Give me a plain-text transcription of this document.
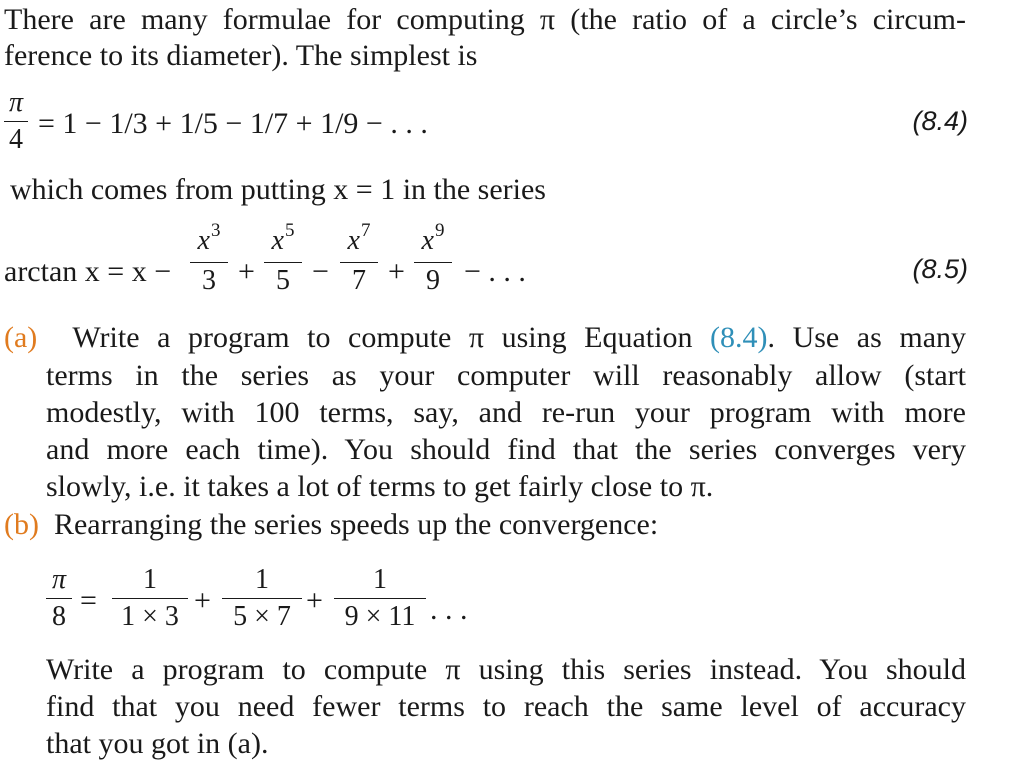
There are many formulae for computing π (the ratio of a circle’s circum-
ference to its diameter). The simplest is
π
4 = 1 − 1/3 + 1/5 − 1/7 + 1/9 − . . .	(8.4)
which comes from putting x = 1 in the series
arctan x = x −
$x^3$
3 +
$x^5$
5 −
$x^7$
7 +
$x^9$
9 − . . .	(8.5)
(a) Write a program to compute π using Equation (8.4). Use as many
terms in the series as your computer will reasonably allow (start
modestly, with 100 terms, say, and re-run your program with more
and more each time). You should find that the series converges very
slowly, i.e. it takes a lot of terms to get fairly close to π.
(b) Rearranging the series speeds up the convergence:
π
8 =
1
1 × 3 +
1
5 × 7 +
1
9 × 11 . . .
Write a program to compute π using this series instead. You should
find that you need fewer terms to reach the same level of accuracy
that you got in (a).
